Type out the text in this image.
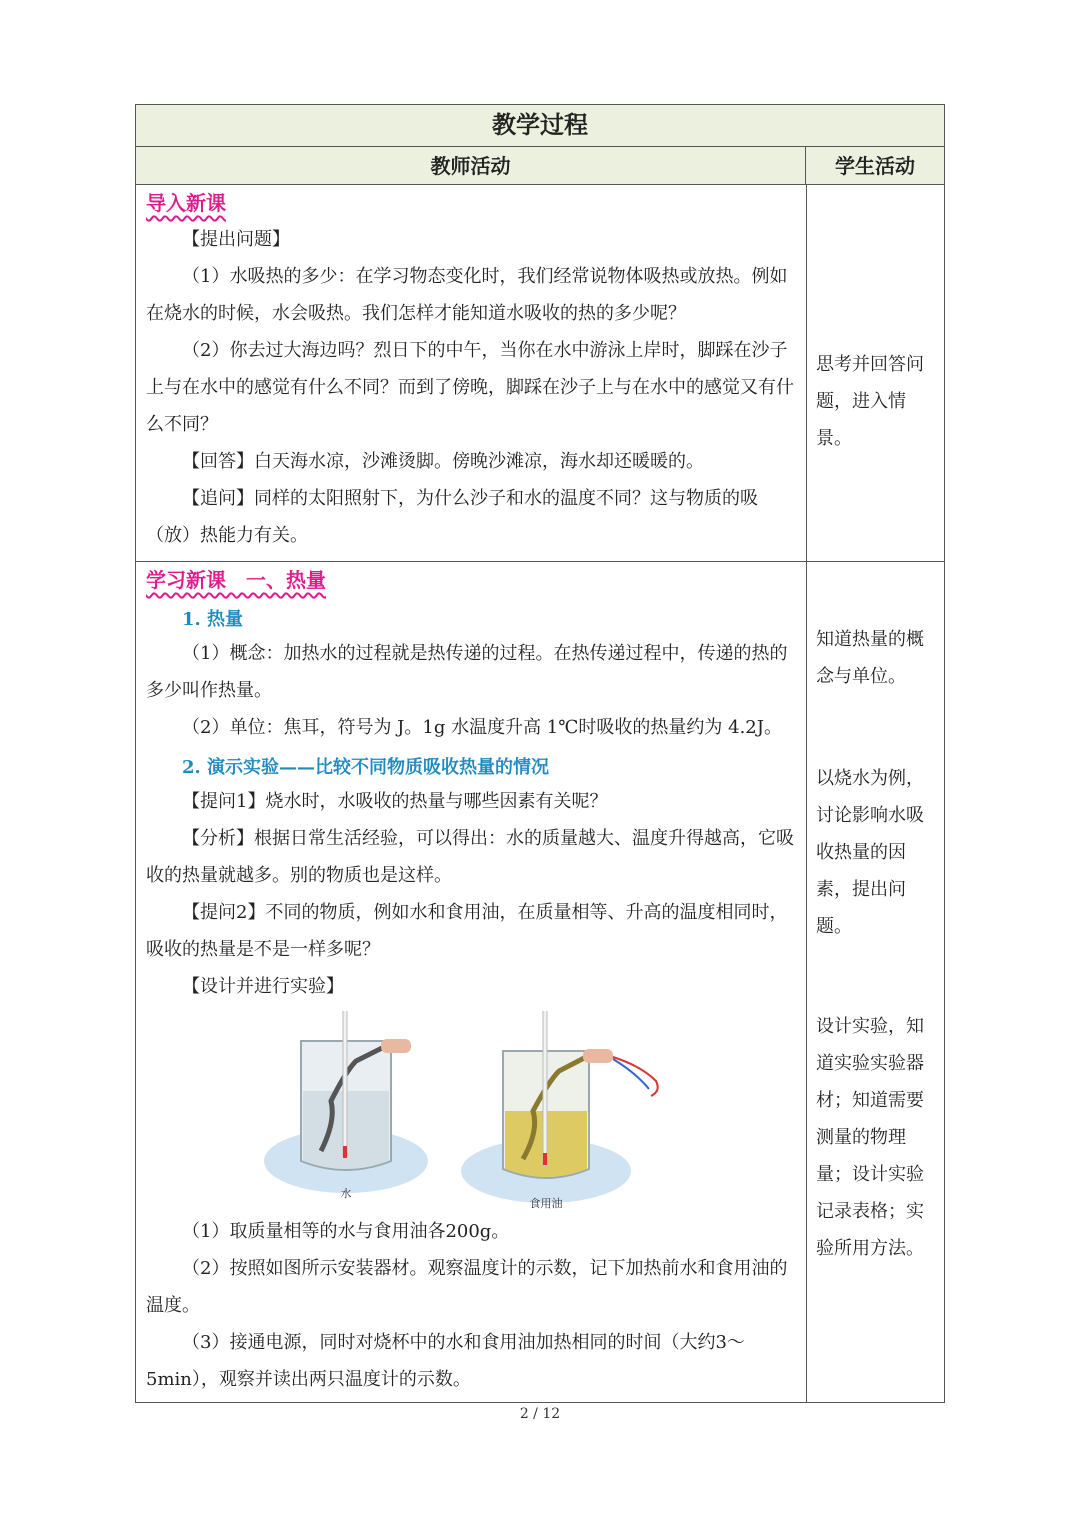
教学过程
教师活动	学生活动
导入新课

【提出问题】

（1）水吸热的多少：在学习物态变化时，我们经常说物体吸热或放热。例如在烧水的时候，水会吸热。我们怎样才能知道水吸收的热的多少呢？

（2）你去过大海边吗？烈日下的中午，当你在水中游泳上岸时，脚踩在沙子上与在水中的感觉有什么不同？而到了傍晚，脚踩在沙子上与在水中的感觉又有什么不同？

【回答】白天海水凉，沙滩烫脚。傍晚沙滩凉，海水却还暖暖的。

【追问】同样的太阳照射下，为什么沙子和水的温度不同？这与物质的吸（放）热能力有关。

思考并回答问题，进入情景。

学习新课　一、热量
1. 热量

（1）概念：加热水的过程就是热传递的过程。在热传递过程中，传递的热的多少叫作热量。

（2）单位：焦耳，符号为 J。1g 水温度升高 1℃时吸收的热量约为 4.2J。

2. 演示实验——比较不同物质吸收热量的情况

【提问1】烧水时，水吸收的热量与哪些因素有关呢？

【分析】根据日常生活经验，可以得出：水的质量越大、温度升得越高，它吸收的热量就越多。别的物质也是这样。

【提问2】不同的物质，例如水和食用油，在质量相等、升高的温度相同时，吸收的热量是不是一样多呢？

【设计并进行实验】

水
食用油

（1）取质量相等的水与食用油各200g。

（2）按照如图所示安装器材。观察温度计的示数，记下加热前水和食用油的温度。

（3）接通电源，同时对烧杯中的水和食用油加热相同的时间（大约3～5min），观察并读出两只温度计的示数。

知道热量的概念与单位。

以烧水为例，讨论影响水吸收热量的因素，提出问题。

设计实验，知道实验实验器材；知道需要测量的物理量；设计实验记录表格；实验所用方法。

2 / 12
